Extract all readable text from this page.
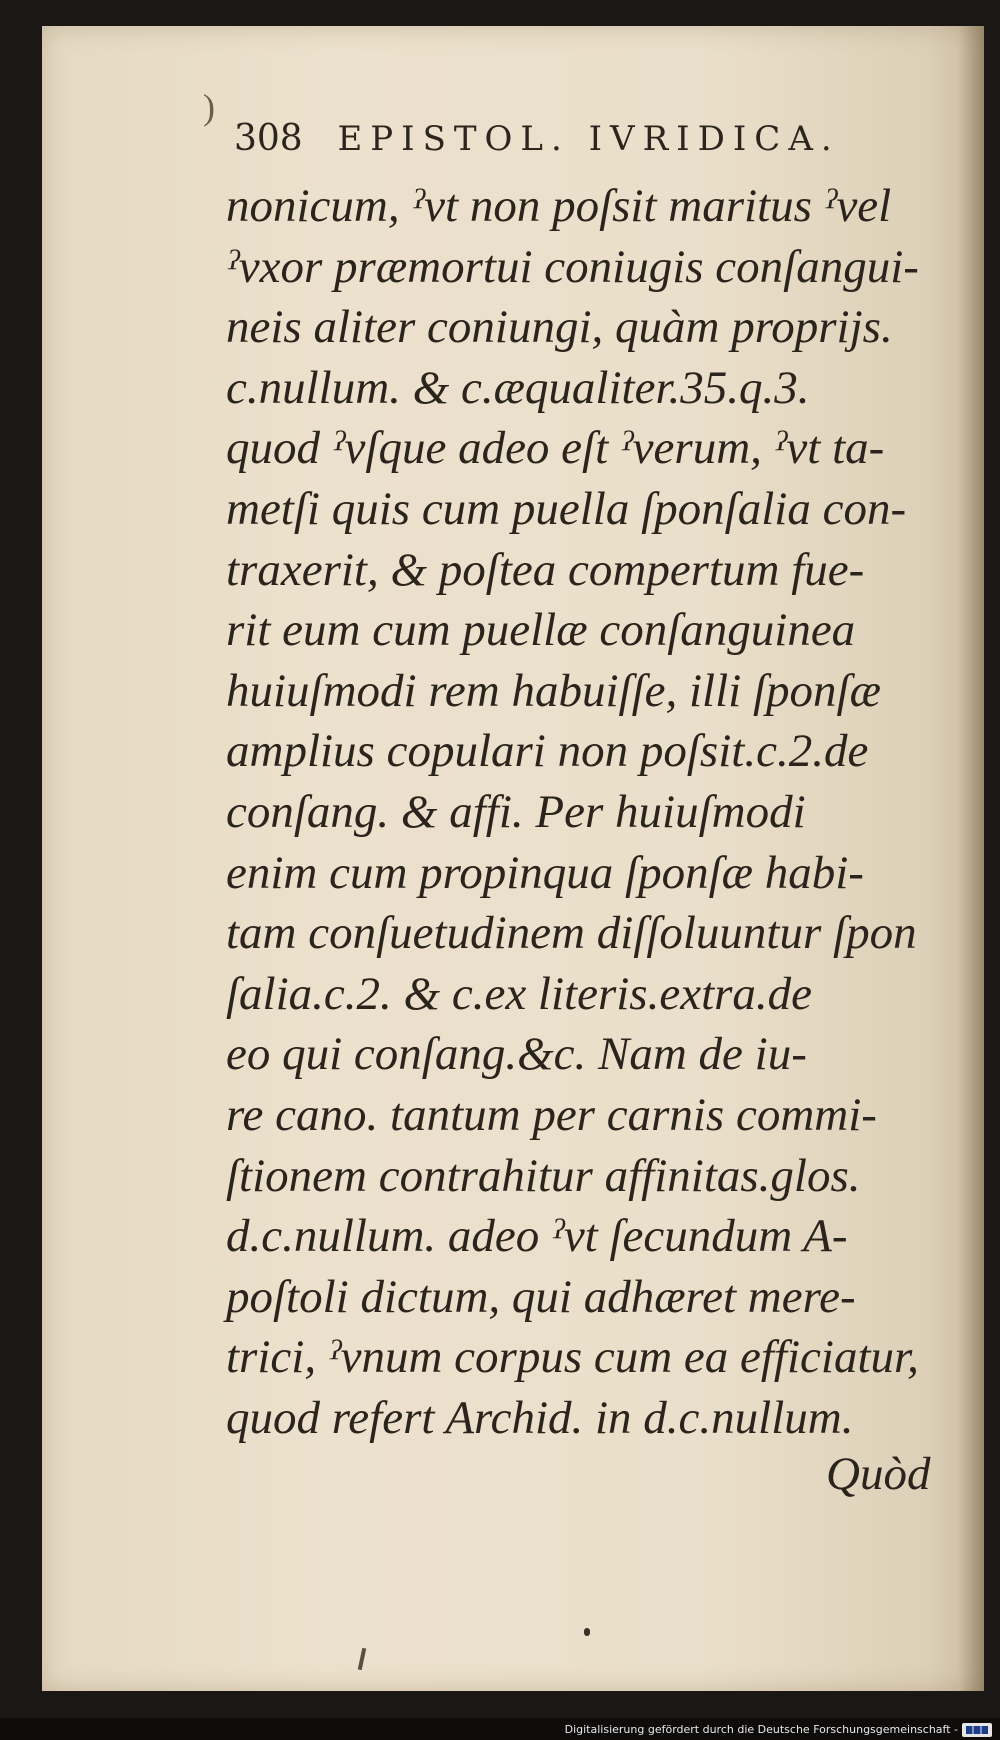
)
308 EPISTOL. IVRIDICA.
nonicum, ˀvt non poſsit maritus ˀvel
ˀvxor præmortui coniugis conſangui-
neis aliter coniungi, quàm proprijs.
c.nullum. & c.æqualiter.35.q.3.
quod ˀvſque adeo eſt ˀverum, ˀvt ta-
metſi quis cum puella ſponſalia con-
traxerit, & poſtea compertum fue-
rit eum cum puellæ conſanguinea
huiuſmodi rem habuiſſe, illi ſponſæ
amplius copulari non poſsit.c.2.de
conſang. & affi. Per huiuſmodi
enim cum propinqua ſponſæ habi-
tam conſuetudinem diſſoluuntur ſpon
ſalia.c.2. & c.ex literis.extra.de
eo qui conſang.&c. Nam de iu-
re cano. tantum per carnis commi-
ſtionem contrahitur affinitas.glos.
d.c.nullum. adeo ˀvt ſecundum A-
poſtoli dictum, qui adhæret mere-
trici, ˀvnum corpus cum ea efficiatur,
quod refert Archid. in d.c.nullum.
Quòd
Digitalisierung gefördert durch die Deutsche Forschungsgemeinschaft -
